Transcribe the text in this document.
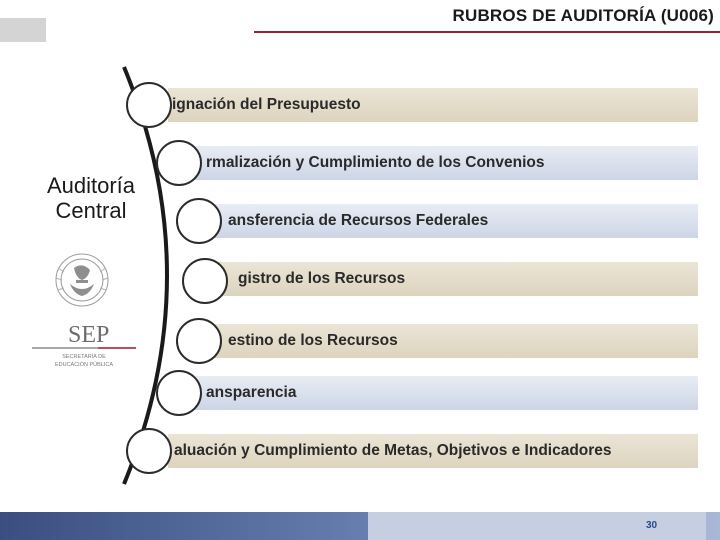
RUBROS DE AUDITORÍA (U006)
Auditoría Central
SEP
SECRETARÍA DE
EDUCACIÓN PÚBLICA
ignación del Presupuesto
rmalización y Cumplimiento de los Convenios
ansferencia de Recursos Federales
gistro de los Recursos
estino de los Recursos
ansparencia
aluación y Cumplimiento de Metas, Objetivos e Indicadores
30
